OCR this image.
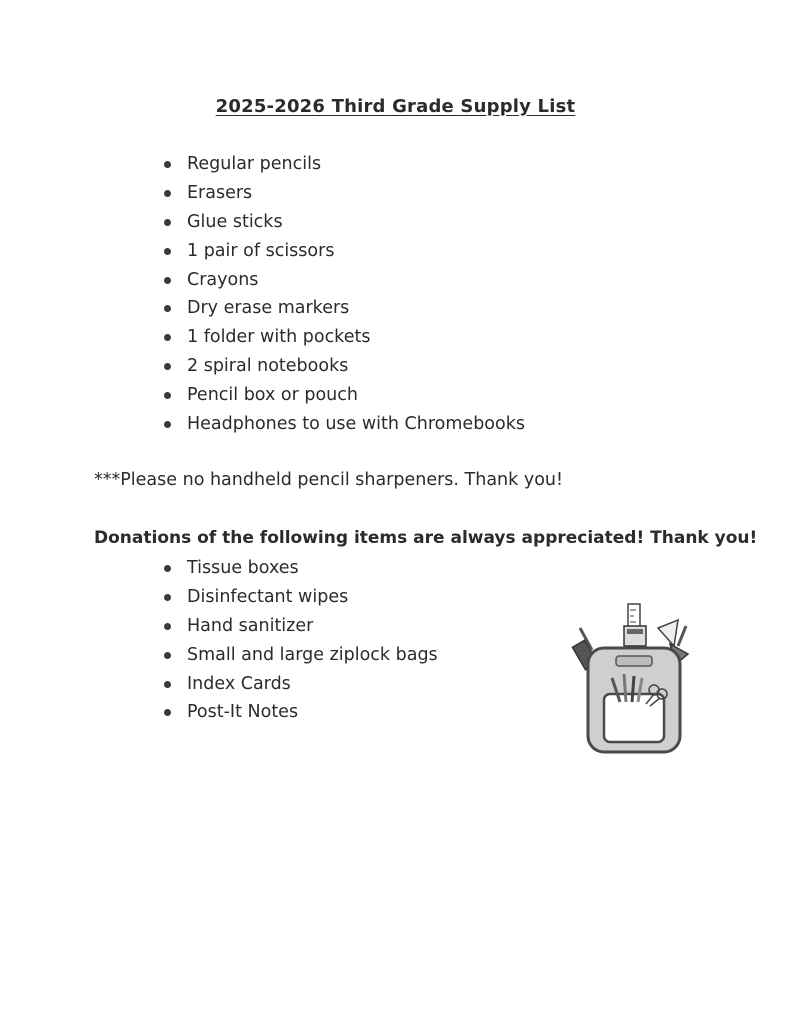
2025-2026 Third Grade Supply List
Regular pencils
Erasers
Glue sticks
1 pair of scissors
Crayons
Dry erase markers
1 folder with pockets
2 spiral notebooks
Pencil box or pouch
Headphones to use with Chromebooks
***Please no handheld pencil sharpeners. Thank you!
Donations of the following items are always appreciated! Thank you!
Tissue boxes
Disinfectant wipes
Hand sanitizer
Small and large ziplock bags
Index Cards
Post-It Notes
